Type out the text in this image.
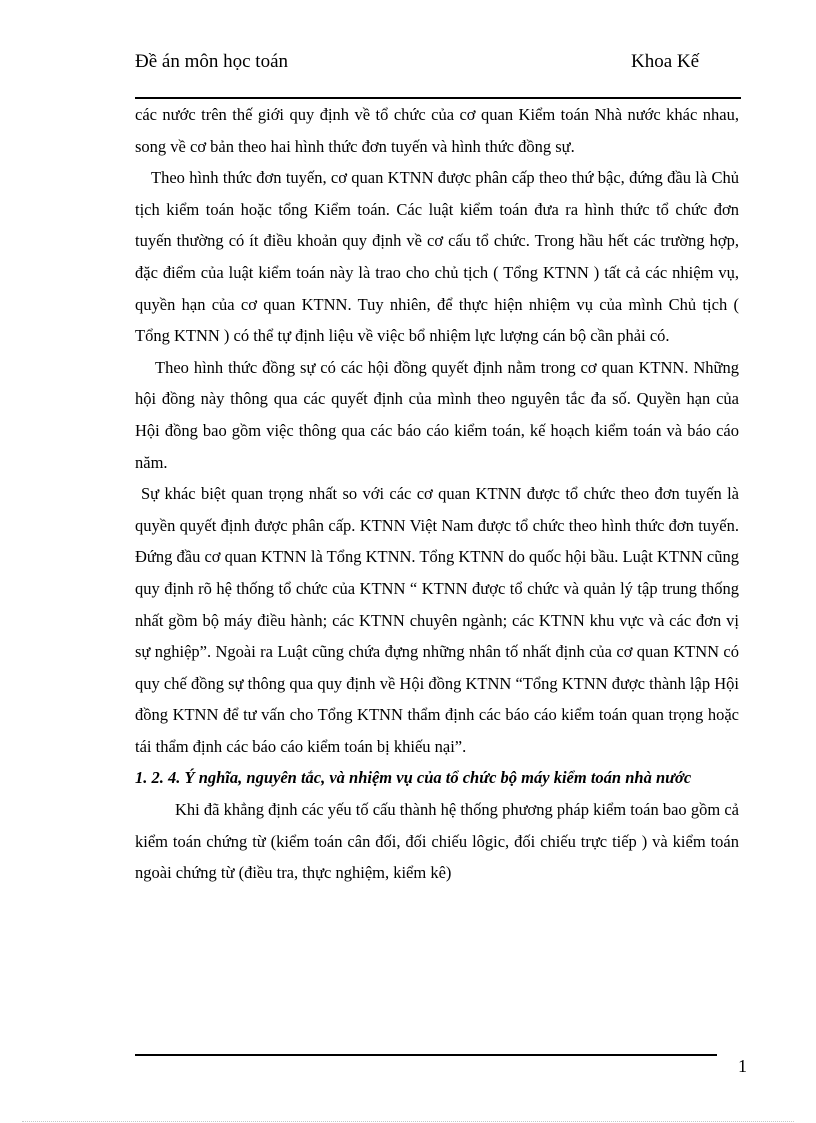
Đề án môn học toán	Khoa Kế

các nước trên thế giới quy định về tổ chức của cơ quan Kiểm toán Nhà nước khác nhau, song về cơ bản theo hai hình thức đơn tuyến và hình thức đồng sự.

Theo hình thức đơn tuyến, cơ quan KTNN được phân cấp theo thứ bậc, đứng đầu là Chủ tịch kiểm toán hoặc tổng Kiểm toán. Các luật kiểm toán đưa ra hình thức tổ chức đơn tuyến thường có ít điều khoản quy định về cơ cấu tổ chức. Trong hầu hết các trường hợp, đặc điểm của luật kiểm toán này là trao cho chủ tịch ( Tổng KTNN ) tất cả các nhiệm vụ, quyền hạn của cơ quan KTNN. Tuy nhiên, để thực hiện nhiệm vụ của mình Chủ tịch ( Tổng KTNN ) có thể tự định liệu về việc bổ nhiệm lực lượng cán bộ cần phải có.

Theo hình thức đồng sự có các hội đồng quyết định nằm trong cơ quan KTNN. Những hội đồng này thông qua các quyết định của mình theo nguyên tắc đa số. Quyền hạn của Hội đồng bao gồm việc thông qua các báo cáo kiểm toán, kế hoạch kiểm toán và báo cáo năm.

Sự khác biệt quan trọng nhất so với các cơ quan KTNN được tổ chức theo đơn tuyến là quyền quyết định được phân cấp. KTNN Việt Nam được tổ chức theo hình thức đơn tuyến. Đứng đầu cơ quan KTNN là Tổng KTNN. Tổng KTNN do quốc hội bầu. Luật KTNN cũng quy định rõ hệ thống tổ chức của KTNN “ KTNN được tổ chức và quản lý tập trung thống nhất gồm bộ máy điều hành; các KTNN chuyên ngành; các KTNN khu vực và các đơn vị sự nghiệp”. Ngoài ra Luật cũng chứa đựng những nhân tố nhất định của cơ quan KTNN có quy chế đồng sự thông qua quy định về Hội đồng KTNN “Tổng KTNN được thành lập Hội đồng KTNN để tư vấn cho Tổng KTNN thẩm định các báo cáo kiểm toán quan trọng hoặc tái thẩm định các báo cáo kiểm toán bị khiếu nại”.

1. 2. 4. Ý nghĩa, nguyên tắc, và nhiệm vụ của tổ chức bộ máy kiểm toán nhà nước

Khi đã khẳng định các yếu tố cấu thành hệ thống phương pháp kiểm toán bao gồm cả kiểm toán chứng từ (kiểm toán cân đối, đối chiếu lôgic, đối chiếu trực tiếp ) và kiểm toán ngoài chứng từ (điều tra, thực nghiệm, kiểm kê)

1
